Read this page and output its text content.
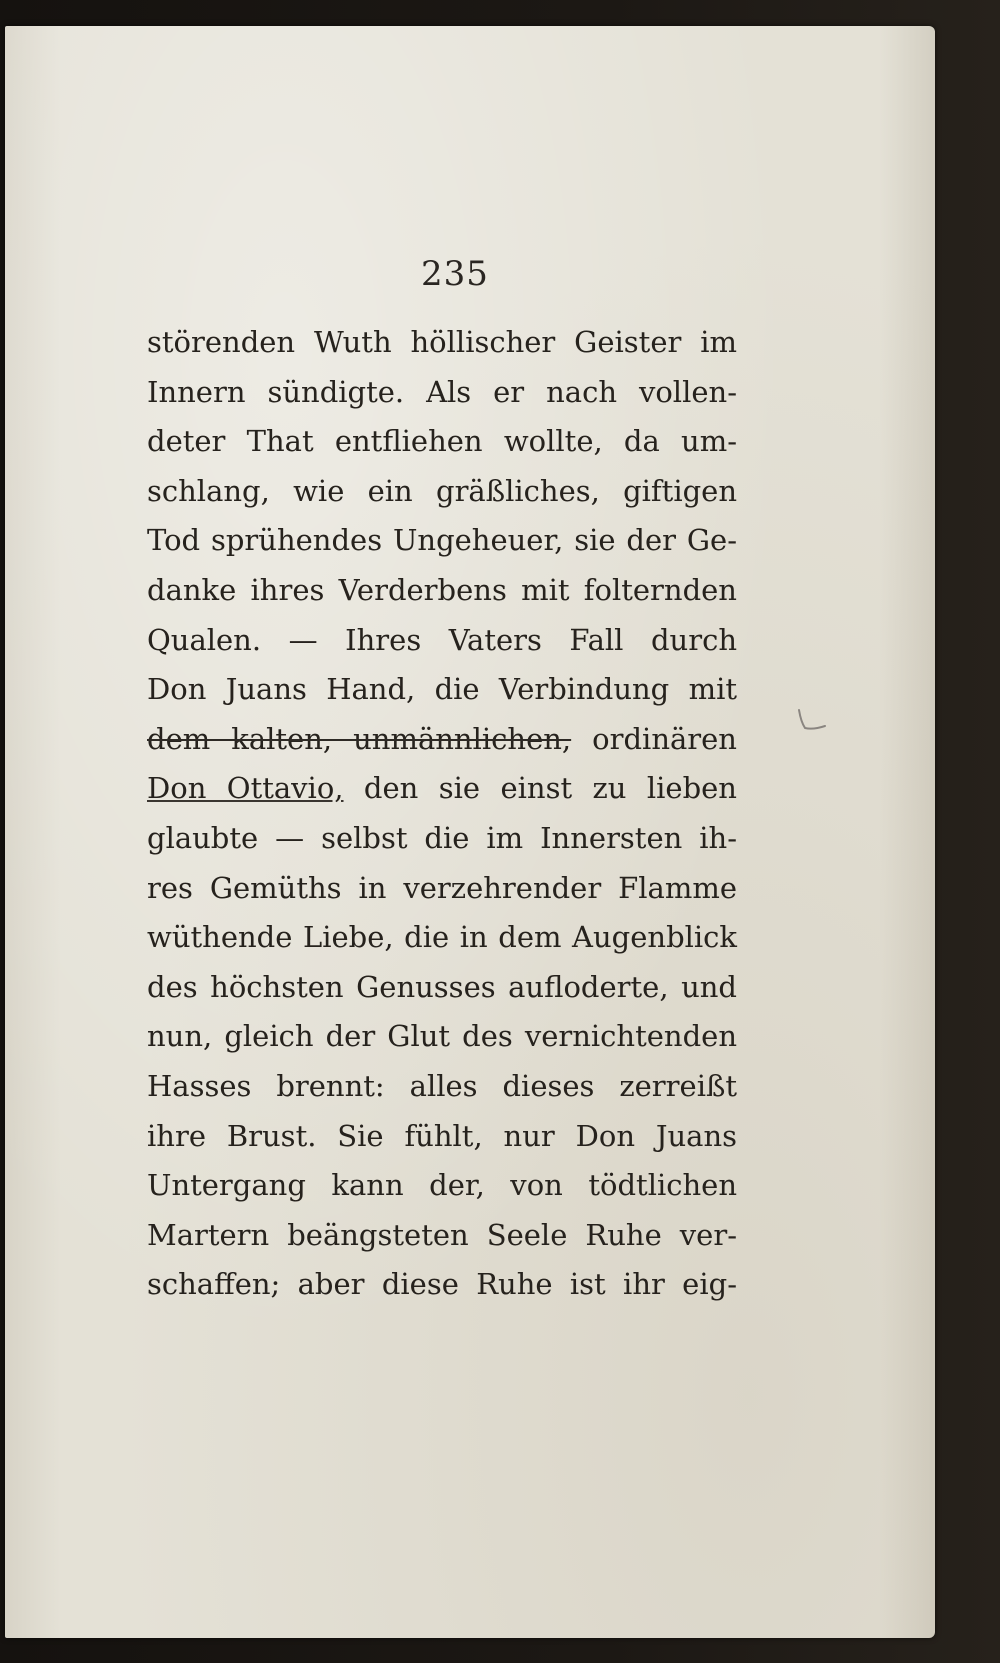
235
störenden Wuth höllischer Geister im
Innern sündigte. Als er nach vollen-
deter That entfliehen wollte, da um-
schlang, wie ein gräßliches, giftigen
Tod sprühendes Ungeheuer, sie der Ge-
danke ihres Verderbens mit folternden
Qualen. — Ihres Vaters Fall durch
Don Juans Hand, die Verbindung mit
dem kalten, unmännlichen, ordinären
Don Ottavio, den sie einst zu lieben
glaubte — selbst die im Innersten ih-
res Gemüths in verzehrender Flamme
wüthende Liebe, die in dem Augenblick
des höchsten Genusses aufloderte, und
nun, gleich der Glut des vernichtenden
Hasses brennt: alles dieses zerreißt
ihre Brust. Sie fühlt, nur Don Juans
Untergang kann der, von tödtlichen
Martern beängsteten Seele Ruhe ver-
schaffen; aber diese Ruhe ist ihr eig-
